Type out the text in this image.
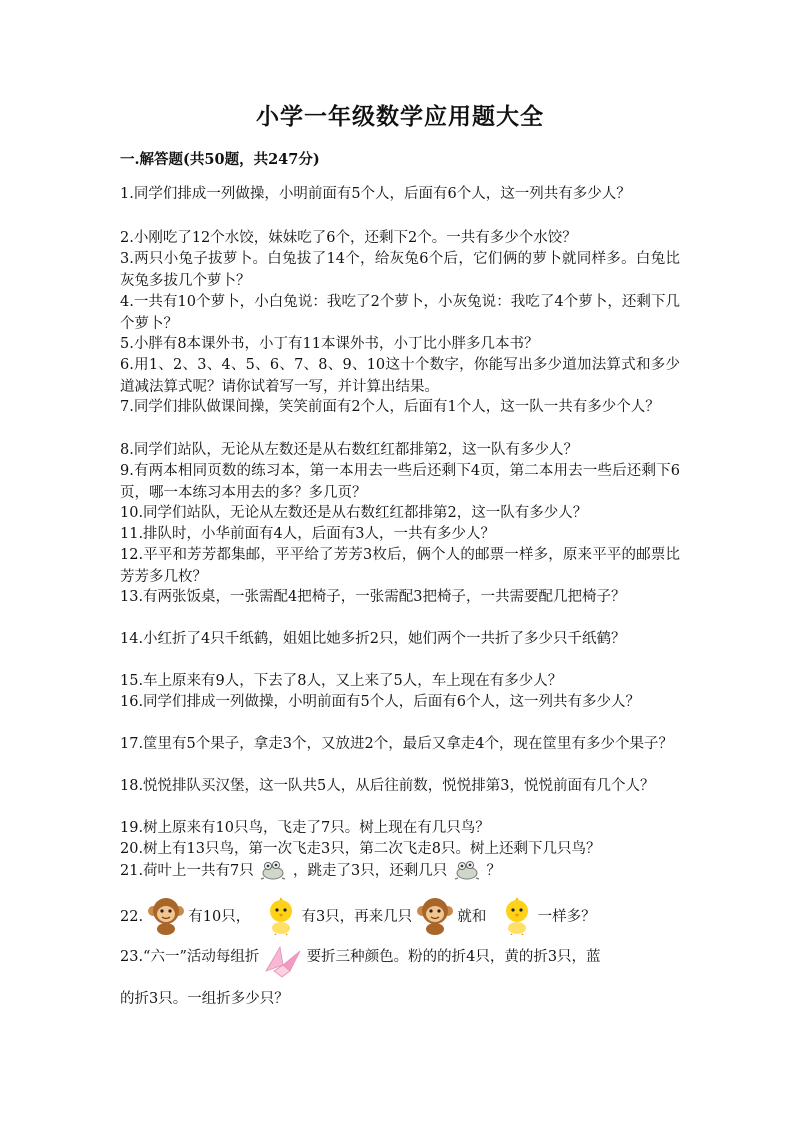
小学一年级数学应用题大全
一.解答题(共50题，共247分)
1.同学们排成一列做操，小明前面有5个人，后面有6个人，这一列共有多少人？
2.小刚吃了12个水饺，妹妹吃了6个，还剩下2个。一共有多少个水饺？
3.两只小兔子拔萝卜。白兔拔了14个，给灰兔6个后，它们俩的萝卜就同样多。白兔比灰兔多拔几个萝卜？
4.一共有10个萝卜，小白兔说：我吃了2个萝卜，小灰兔说：我吃了4个萝卜，还剩下几个萝卜？
5.小胖有8本课外书，小丁有11本课外书，小丁比小胖多几本书？
6.用1、2、3、4、5、6、7、8、9、10这十个数字，你能写出多少道加法算式和多少道减法算式呢？请你试着写一写，并计算出结果。
7.同学们排队做课间操，笑笑前面有2个人，后面有1个人，这一队一共有多少个人？
8.同学们站队，无论从左数还是从右数红红都排第2，这一队有多少人？
9.有两本相同页数的练习本，第一本用去一些后还剩下4页，第二本用去一些后还剩下6页，哪一本练习本用去的多？多几页？
10.同学们站队，无论从左数还是从右数红红都排第2，这一队有多少人？
11.排队时，小华前面有4人，后面有3人，一共有多少人？
12.平平和芳芳都集邮，平平给了芳芳3枚后，俩个人的邮票一样多，原来平平的邮票比芳芳多几枚？
13.有两张饭桌，一张需配4把椅子，一张需配3把椅子，一共需要配几把椅子？
14.小红折了4只千纸鹤，姐姐比她多折2只，她们两个一共折了多少只千纸鹤？
15.车上原来有9人，下去了8人，又上来了5人，车上现在有多少人？
16.同学们排成一列做操，小明前面有5个人，后面有6个人，这一列共有多少人？
17.筐里有5个果子，拿走3个，又放进2个，最后又拿走4个，现在筐里有多少个果子？
18.悦悦排队买汉堡，这一队共5人，从后往前数，悦悦排第3，悦悦前面有几个人？
19.树上原来有10只鸟，飞走了7只。树上现在有几只鸟？
20.树上有13只鸟，第一次飞走3只，第二次飞走8只。树上还剩下几只鸟？
21.荷叶上一共有7只	，跳走了3只，还剩几只	？
22.	有10只，	有3只，再来几只	就和	一样多？
23.“六一”活动每组折	要折三种颜色。粉的的折4只，黄的折3只，蓝
的折3只。一组折多少只？
